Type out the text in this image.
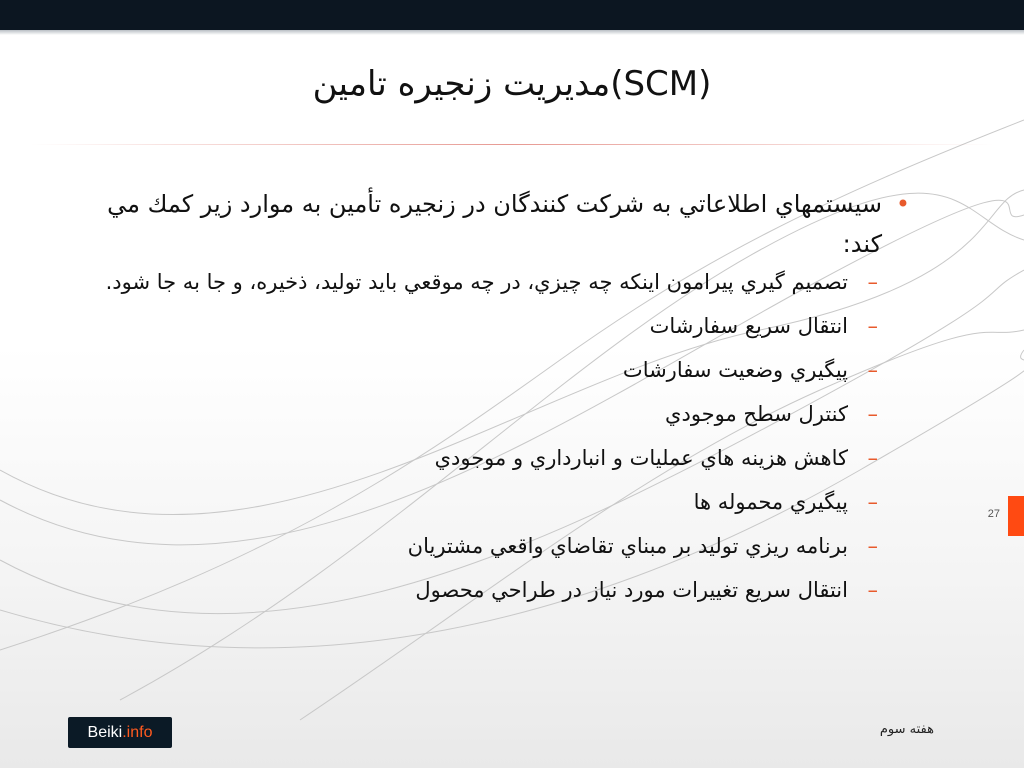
مديريت زنجيره تامين(SCM)
•
سيستمهاي اطلاعاتي به شركت كنندگان در زنجيره تأمين به موارد زير كمك مي كند:
–
تصميم گيري پيرامون اينكه چه چيزي، در چه موقعي بايد توليد، ذخيره، و جا به جا شود.
–
انتقال سريع سفارشات
–
پيگيري وضعيت سفارشات
–
كنترل سطح موجودي
–
كاهش هزينه هاي عمليات و انبارداري و موجودي
–
پيگيري محموله ها
–
برنامه ريزي توليد بر مبناي تقاضاي واقعي مشتريان
–
انتقال سريع تغييرات مورد نياز در طراحي محصول
27
Beiki.info	هفته سوم
